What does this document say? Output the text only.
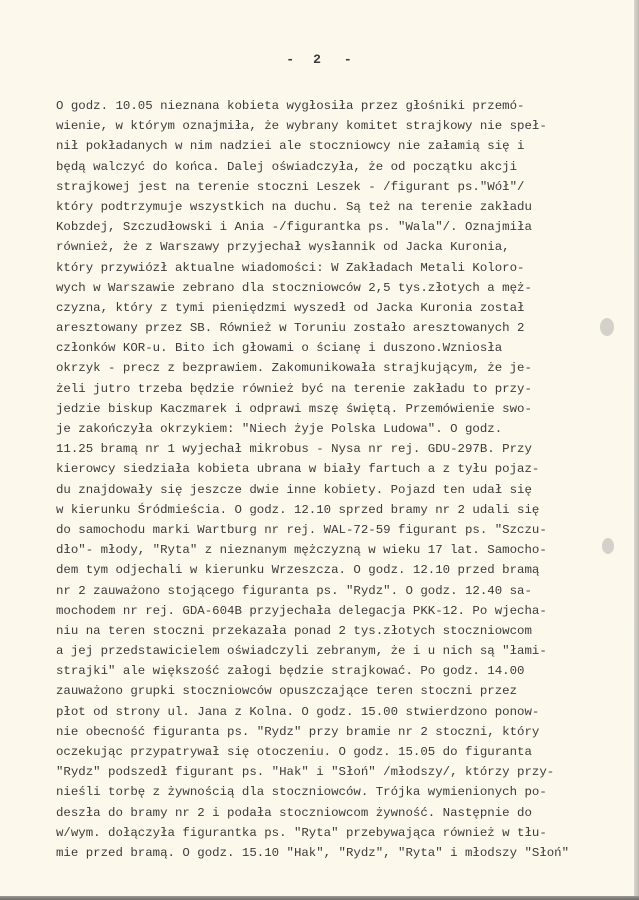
- 2 -
O godz. 10.05 nieznana kobieta wygłosiła przez głośniki przemó-
wienie, w którym oznajmiła, że wybrany komitet strajkowy nie speł-
nił pokładanych w nim nadziei ale stoczniowcy nie załamią się i
będą walczyć do końca. Dalej oświadczyła, że od początku akcji
strajkowej jest na terenie stoczni Leszek - /figurant ps."Wół"/
który podtrzymuje wszystkich na duchu. Są też na terenie zakładu
Kobzdej, Szczudłowski i Ania -/figurantka ps. "Wala"/. Oznajmiła
również, że z Warszawy przyjechał wysłannik od Jacka Kuronia,
który przywiózł aktualne wiadomości: W Zakładach Metali Koloro-
wych w Warszawie zebrano dla stoczniowców 2,5 tys.złotych a męż-
czyzna, który z tymi pieniędzmi wyszedł od Jacka Kuronia został
aresztowany przez SB. Również w Toruniu zostało aresztowanych 2
członków KOR-u. Bito ich głowami o ścianę i duszono.Wzniosła
okrzyk - precz z bezprawiem. Zakomunikowała strajkującym, że je-
żeli jutro trzeba będzie również być na terenie zakładu to przy-
jedzie biskup Kaczmarek i odprawi mszę świętą. Przemówienie swo-
je zakończyła okrzykiem: "Niech żyje Polska Ludowa". O godz.
11.25 bramą nr 1 wyjechał mikrobus - Nysa nr rej. GDU-297B. Przy
kierowcy siedziała kobieta ubrana w biały fartuch a z tyłu pojaz-
du znajdowały się jeszcze dwie inne kobiety. Pojazd ten udał się
w kierunku Śródmieścia. O godz. 12.10 sprzed bramy nr 2 udali się
do samochodu marki Wartburg nr rej. WAL-72-59 figurant ps. "Szczu-
dło"- młody, "Ryta" z nieznanym mężczyzną w wieku 17 lat. Samocho-
dem tym odjechali w kierunku Wrzeszcza. O godz. 12.10 przed bramą
nr 2 zauważono stojącego figuranta ps. "Rydz". O godz. 12.40 sa-
mochodem nr rej. GDA-604B przyjechała delegacja PKK-12. Po wjecha-
niu na teren stoczni przekazała ponad 2 tys.złotych stoczniowcom
a jej przedstawicielem oświadczyli zebranym, że i u nich są "łami-
strajki" ale większość załogi będzie strajkować. Po godz. 14.00
zauważono grupki stoczniowców opuszczające teren stoczni przez
płot od strony ul. Jana z Kolna. O godz. 15.00 stwierdzono ponow-
nie obecność figuranta ps. "Rydz" przy bramie nr 2 stoczni, który
oczekując przypatrywał się otoczeniu. O godz. 15.05 do figuranta
"Rydz" podszedł figurant ps. "Hak" i "Słoń" /młodszy/, którzy przy-
nieśli torbę z żywnością dla stoczniowców. Trójka wymienionych po-
deszła do bramy nr 2 i podała stoczniowcom żywność. Następnie do
w/wym. dołączyła figurantka ps. "Ryta" przebywająca również w tłu-
mie przed bramą. O godz. 15.10 "Hak", "Rydz", "Ryta" i młodszy "Słoń"
